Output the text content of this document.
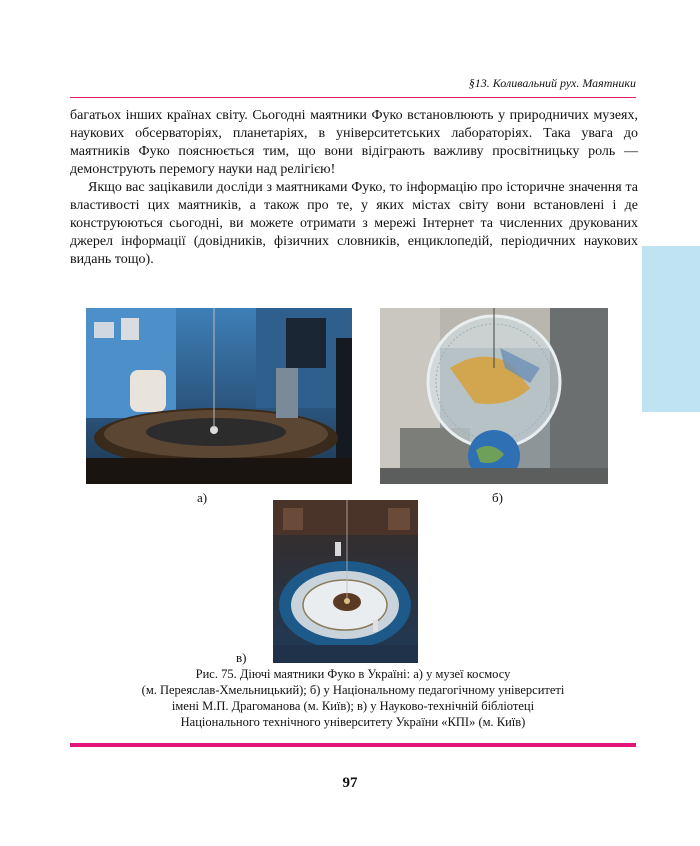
§13. Коливальний рух. Маятники

багатьох інших країнах світу. Сьогодні маятники Фуко встановлюють у природничих музеях, наукових обсерваторіях, планетаріях, в університетських лабораторіях. Така увага до маятників Фуко пояснюється тим, що вони відіграють важливу просвітницьку роль — демонструють перемогу науки над релігією!

Якщо вас зацікавили досліди з маятниками Фуко, то інформацію про історичне значення та властивості цих маятників, а також про те, у яких містах світу вони встановлені і де конструюються сьогодні, ви можете отримати з мережі Інтернет та численних друкованих джерел інформації (довідників, фізичних словників, енциклопедій, періодичних наукових видань тощо).

а)	б)
в)
Рис. 75. Діючі маятники Фуко в Україні: а) у музеї космосу
(м. Переяслав-Хмельницький); б) у Національному педагогічному університеті
імені М.П. Драгоманова (м. Київ); в) у Науково-технічній бібліотеці
Національного технічного університету України «КПІ» (м. Київ)
97
